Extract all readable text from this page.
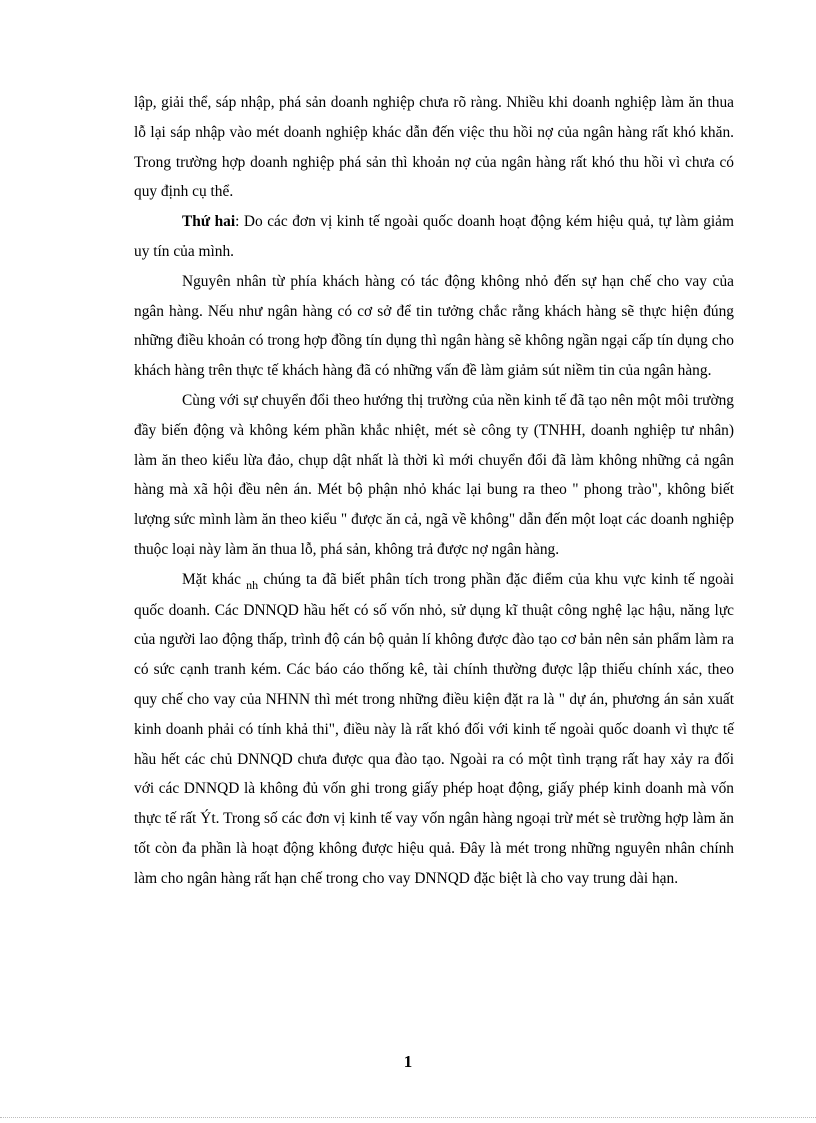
lập, giải thể, sáp nhập, phá sản doanh nghiệp chưa rõ ràng. Nhiều khi doanh nghiệp làm ăn thua lỗ lại sáp nhập vào mét doanh nghiệp khác dẫn đến việc thu hồi nợ của ngân hàng rất khó khăn. Trong trường hợp doanh nghiệp phá sản thì khoản nợ của ngân hàng rất khó thu hồi vì chưa có quy định cụ thể.

Thứ hai: Do các đơn vị kinh tế ngoài quốc doanh hoạt động kém hiệu quả, tự làm giảm uy tín của mình.

Nguyên nhân từ phía khách hàng có tác động không nhỏ đến sự hạn chế cho vay của ngân hàng. Nếu như ngân hàng có cơ sở để tin tưởng chắc rằng khách hàng sẽ thực hiện đúng những điều khoản có trong hợp đồng tín dụng thì ngân hàng sẽ không ngần ngại cấp tín dụng cho khách hàng trên thực tế khách hàng đã có những vấn đề làm giảm sút niềm tin của ngân hàng.

Cùng với sự chuyển đổi theo hướng thị trường của nền kinh tế đã tạo nên một môi trường đầy biến động và không kém phần khắc nhiệt, mét sè công ty (TNHH, doanh nghiệp tư nhân) làm ăn theo kiểu lừa đảo, chụp dật nhất là thời kì mới chuyển đổi đã làm không những cả ngân hàng mà xã hội đều nên án. Mét bộ phận nhỏ khác lại bung ra theo " phong trào", không biết lượng sức mình làm ăn theo kiểu " được ăn cả, ngã về không" dẫn đến một loạt các doanh nghiệp thuộc loại này làm ăn thua lỗ, phá sản, không trả được nợ ngân hàng.

Mặt khác $_{nh}$ chúng ta đã biết phân tích trong phần đặc điểm của khu vực kinh tế ngoài quốc doanh. Các DNNQD hầu hết có số vốn nhỏ, sử dụng kĩ thuật công nghệ lạc hậu, năng lực của người lao động thấp, trình độ cán bộ quản lí không được đào tạo cơ bản nên sản phẩm làm ra có sức cạnh tranh kém. Các báo cáo thống kê, tài chính thường được lập thiếu chính xác, theo quy chế cho vay của NHNN thì mét trong những điều kiện đặt ra là " dự án, phương án sản xuất kinh doanh phải có tính khả thi", điều này là rất khó đối với kinh tế ngoài quốc doanh vì thực tế hầu hết các chủ DNNQD chưa được qua đào tạo. Ngoài ra có một tình trạng rất hay xảy ra đối với các DNNQD là không đủ vốn ghi trong giấy phép hoạt động, giấy phép kinh doanh mà vốn thực tế rất Ýt. Trong số các đơn vị kinh tế vay vốn ngân hàng ngoại trừ mét sè trường hợp làm ăn tốt còn đa phần là hoạt động không được hiệu quả. Đây là mét trong những nguyên nhân chính làm cho ngân hàng rất hạn chế trong cho vay DNNQD đặc biệt là cho vay trung dài hạn.

1
